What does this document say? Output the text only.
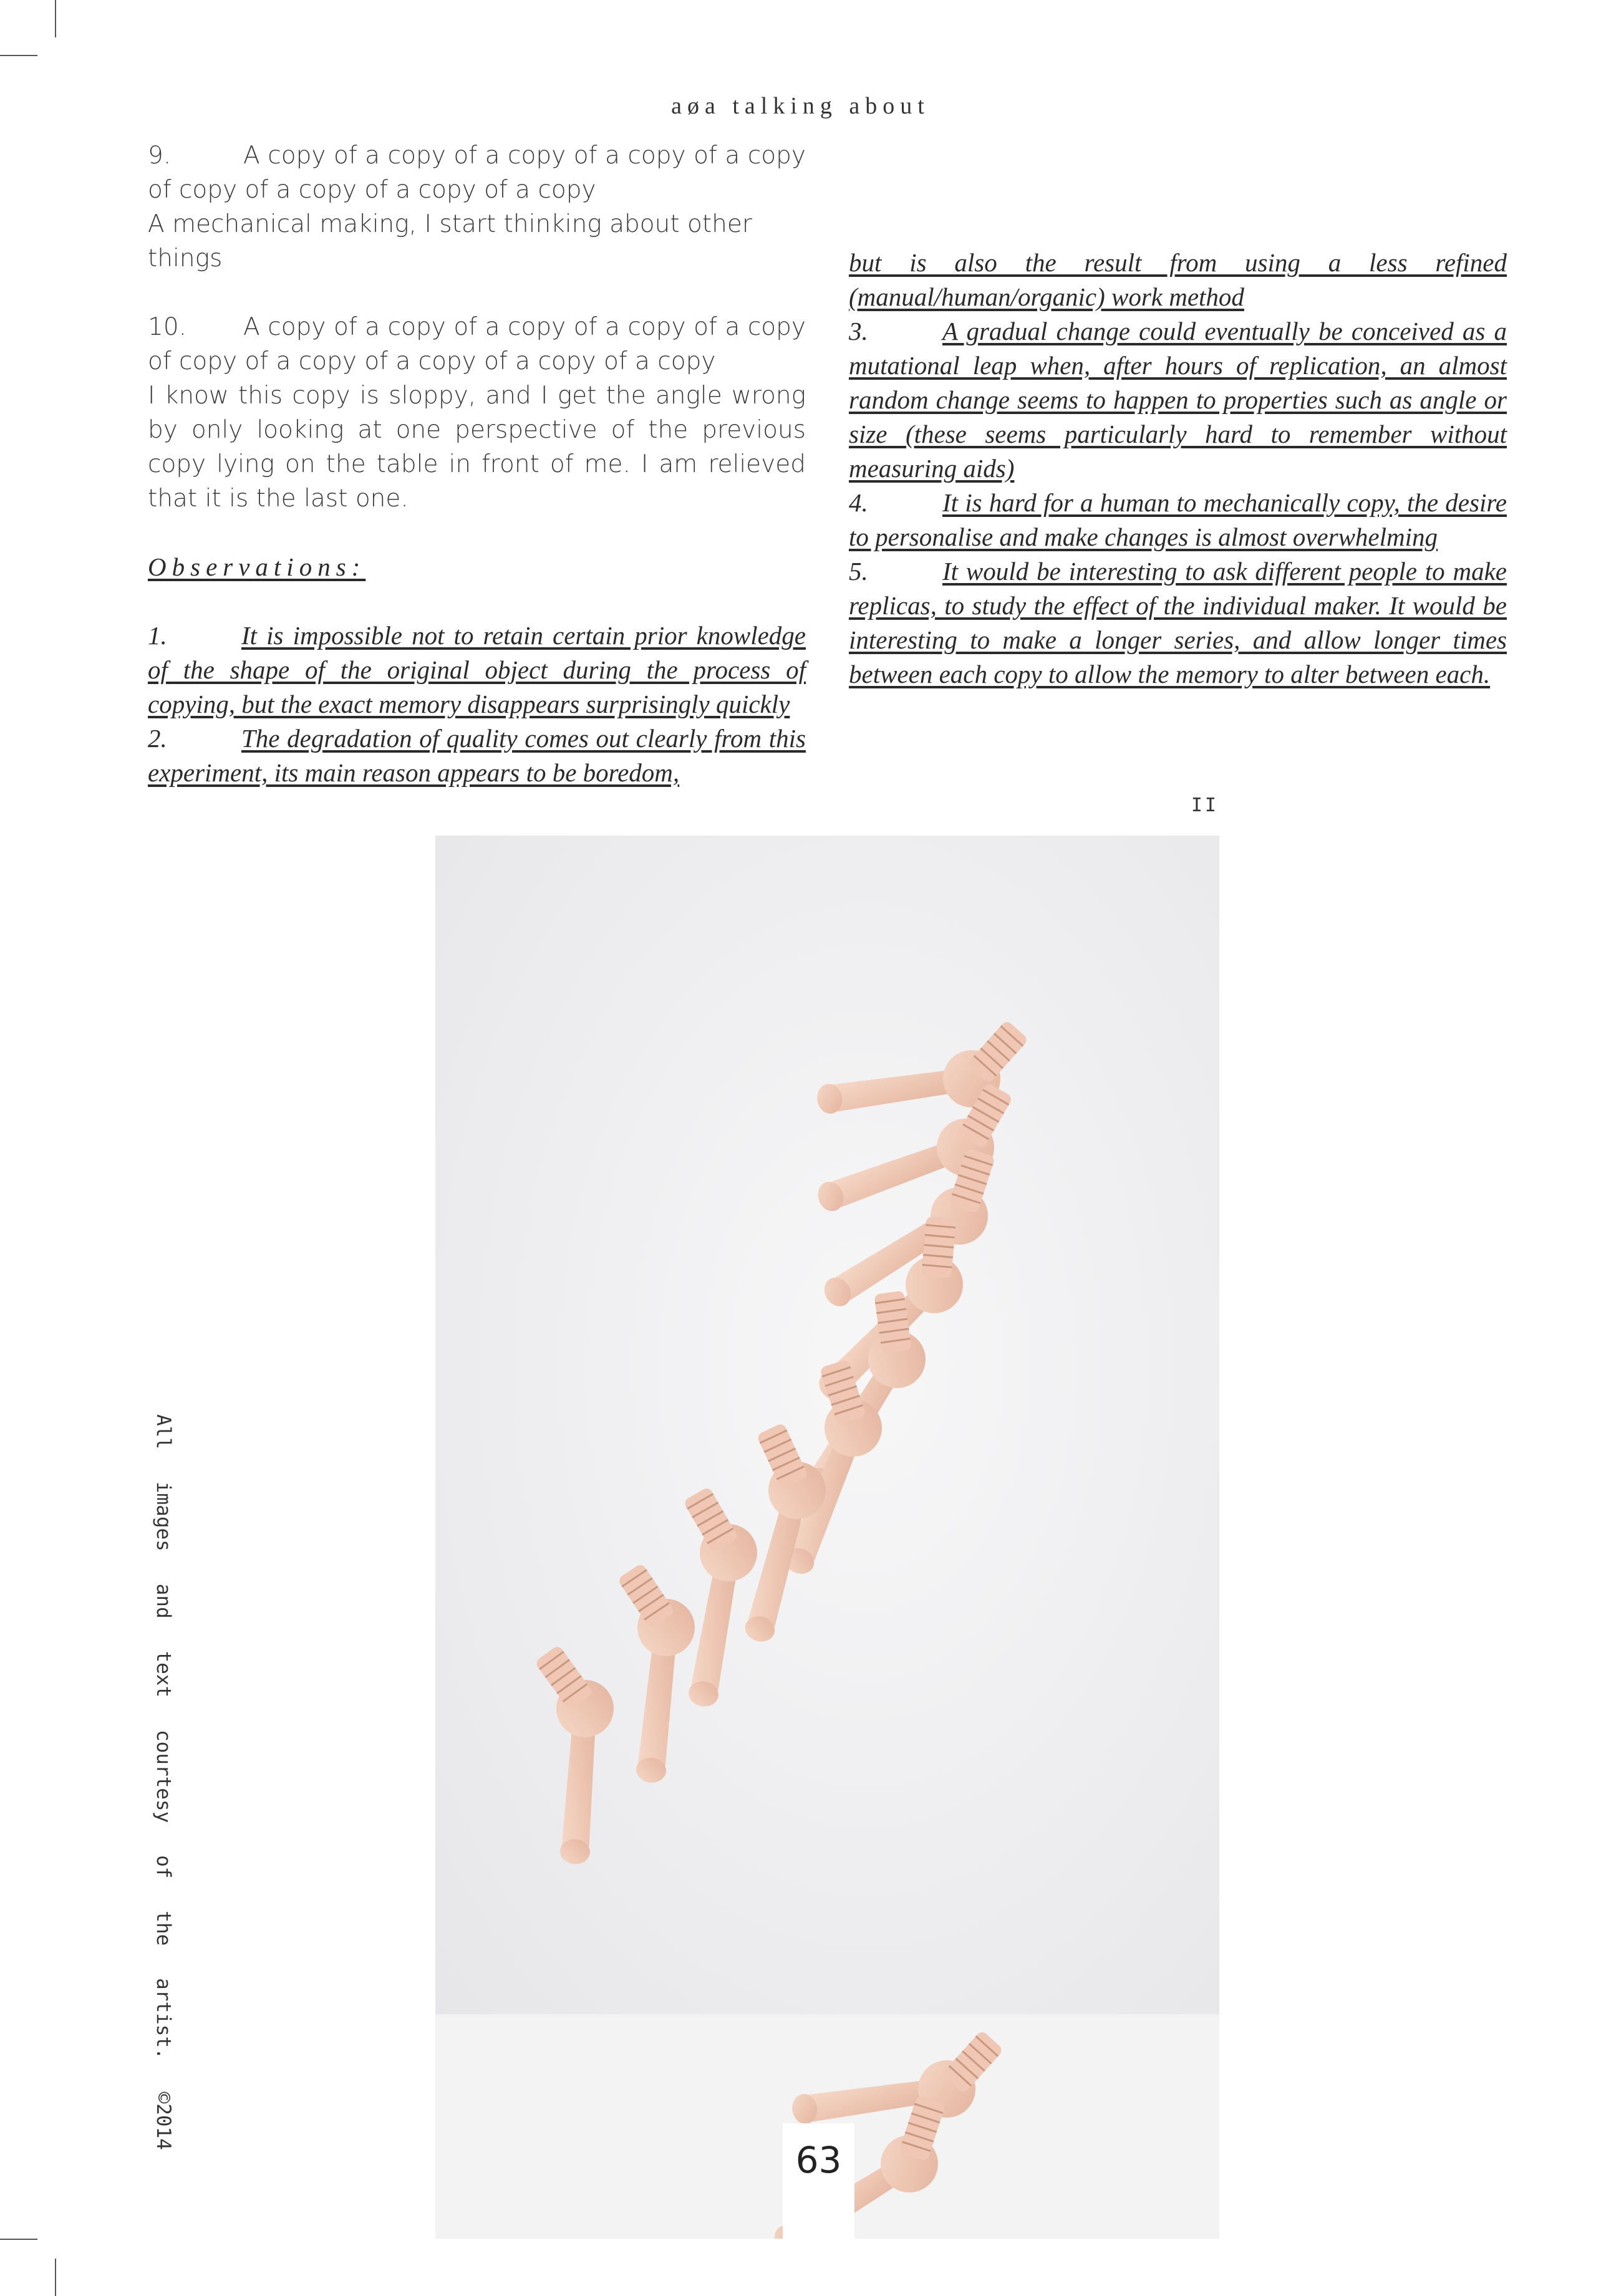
aøa talking about

9.	A copy of a copy of a copy of a copy of a copy of copy of a copy of a copy of a copy

A mechanical making, I start thinking about other things

10. A copy of a copy of a copy of a copy of a copy of copy of a copy of a copy of a copy of a copy

I know this copy is sloppy, and I get the angle wrong by only looking at one perspective of the previous copy lying on the table in front of me. I am relieved that it is the last one.

Observations:

1.	It is impossible not to retain certain prior knowledge of the shape of the original object during the process of copying, but the exact memory disappears surprisingly quickly

2.	The degradation of quality comes out clearly from this experiment, its main reason appears to be boredom,

but is also the result from using a less refined (manual/human/organic) work method

3.	A gradual change could eventually be conceived as a mutational leap when, after hours of replication, an almost random change seems to happen to properties such as angle or size (these seems particularly hard to remember without measuring aids)

4.	It is hard for a human to mechanically copy, the desire to personalise and make changes is almost overwhelming

5.	It would be interesting to ask different people to make replicas, to study the effect of the individual maker. It would be interesting to make a longer series, and allow longer times between each copy to allow the memory to alter between each.

II
All
images
and
text
courtesy
of
the
artist.
©2014
63
